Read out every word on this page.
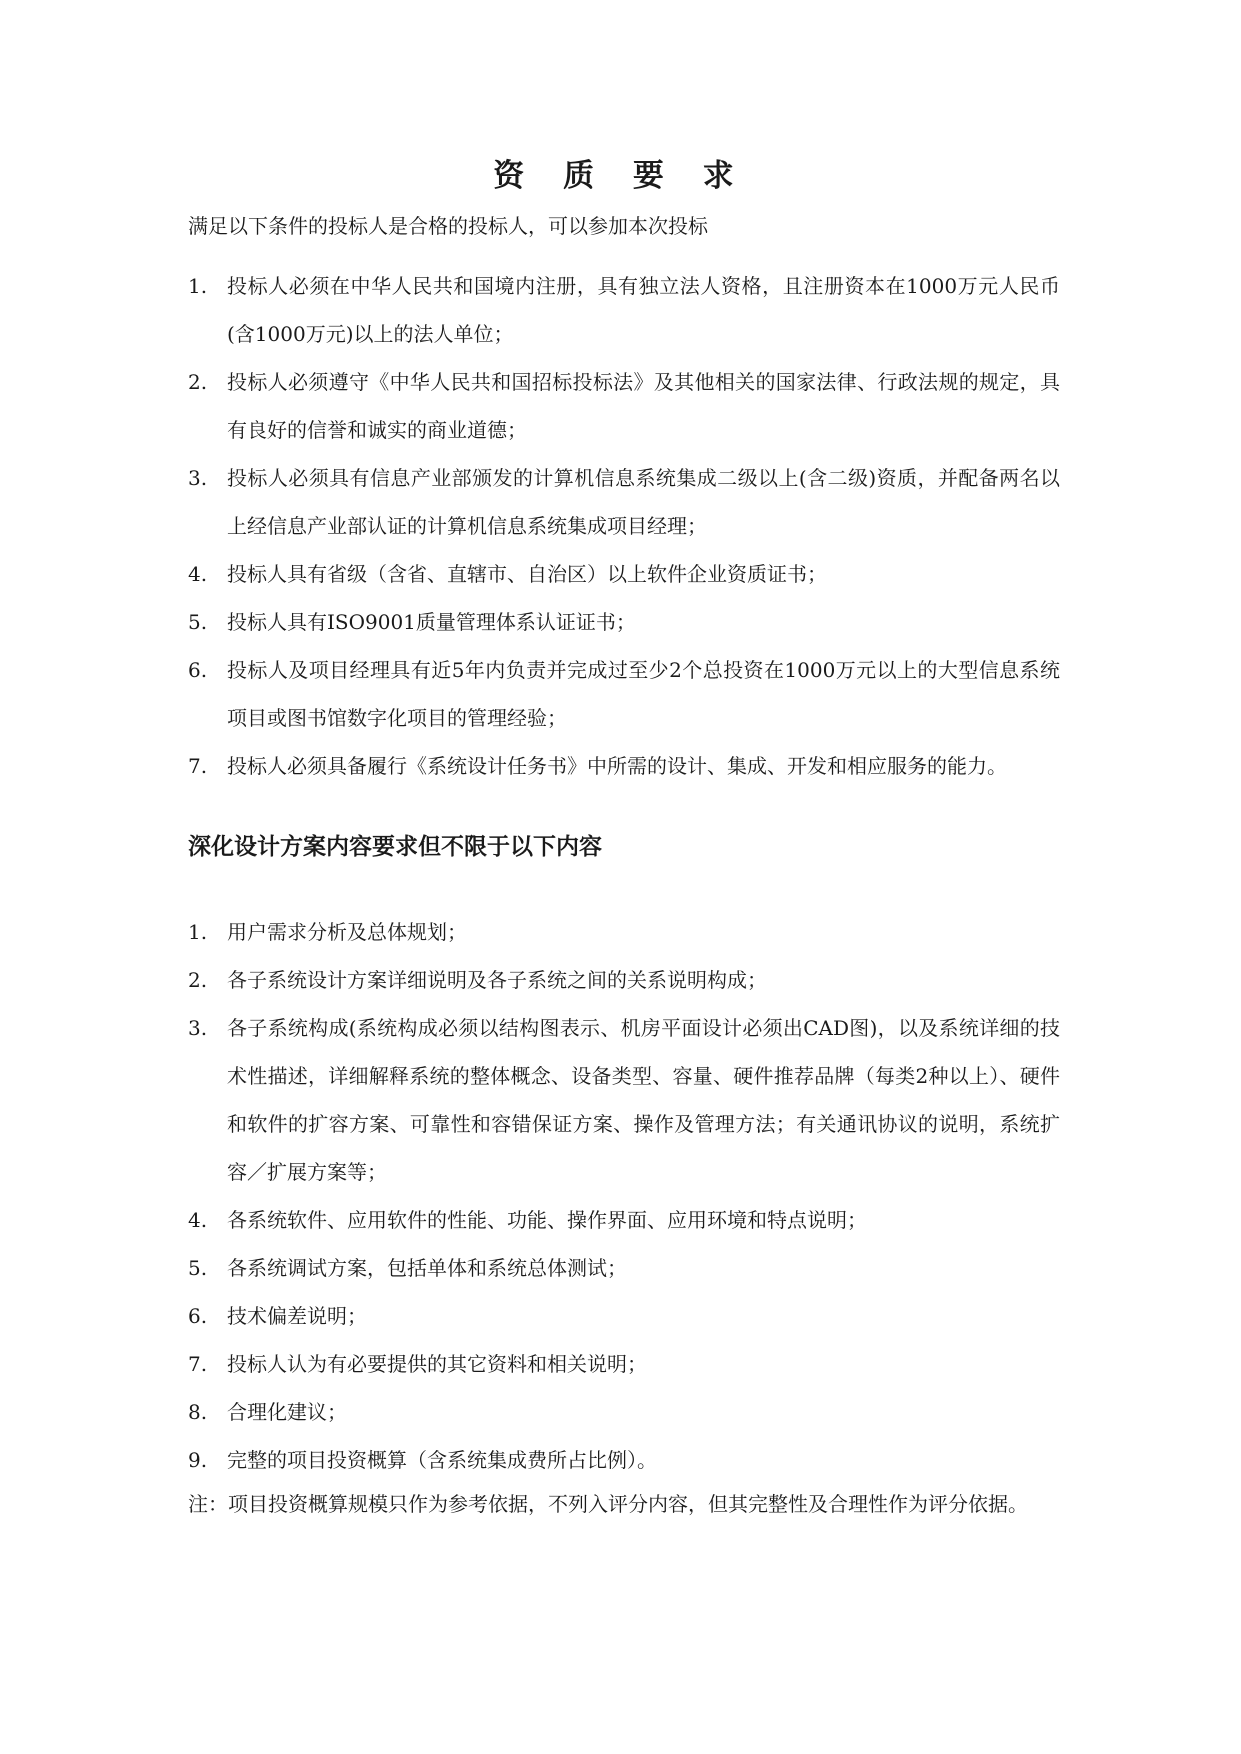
资 质 要 求

满足以下条件的投标人是合格的投标人，可以参加本次投标

1. 投标人必须在中华人民共和国境内注册，具有独立法人资格，且注册资本在1000万元人民币(含1000万元)以上的法人单位；
2. 投标人必须遵守《中华人民共和国招标投标法》及其他相关的国家法律、行政法规的规定，具有良好的信誉和诚实的商业道德；
3. 投标人必须具有信息产业部颁发的计算机信息系统集成二级以上(含二级)资质，并配备两名以上经信息产业部认证的计算机信息系统集成项目经理；
4. 投标人具有省级（含省、直辖市、自治区）以上软件企业资质证书；
5. 投标人具有ISO9001质量管理体系认证证书；
6. 投标人及项目经理具有近5年内负责并完成过至少2个总投资在1000万元以上的大型信息系统项目或图书馆数字化项目的管理经验；
7. 投标人必须具备履行《系统设计任务书》中所需的设计、集成、开发和相应服务的能力。
深化设计方案内容要求但不限于以下内容
1. 用户需求分析及总体规划；
2. 各子系统设计方案详细说明及各子系统之间的关系说明构成；
3. 各子系统构成(系统构成必须以结构图表示、机房平面设计必须出CAD图)，以及系统详细的技术性描述，详细解释系统的整体概念、设备类型、容量、硬件推荐品牌（每类2种以上）、硬件和软件的扩容方案、可靠性和容错保证方案、操作及管理方法；有关通讯协议的说明，系统扩容／扩展方案等；
4. 各系统软件、应用软件的性能、功能、操作界面、应用环境和特点说明；
5. 各系统调试方案，包括单体和系统总体测试；
6. 技术偏差说明；
7. 投标人认为有必要提供的其它资料和相关说明；
8. 合理化建议；
9. 完整的项目投资概算（含系统集成费所占比例）。

注：项目投资概算规模只作为参考依据，不列入评分内容，但其完整性及合理性作为评分依据。
